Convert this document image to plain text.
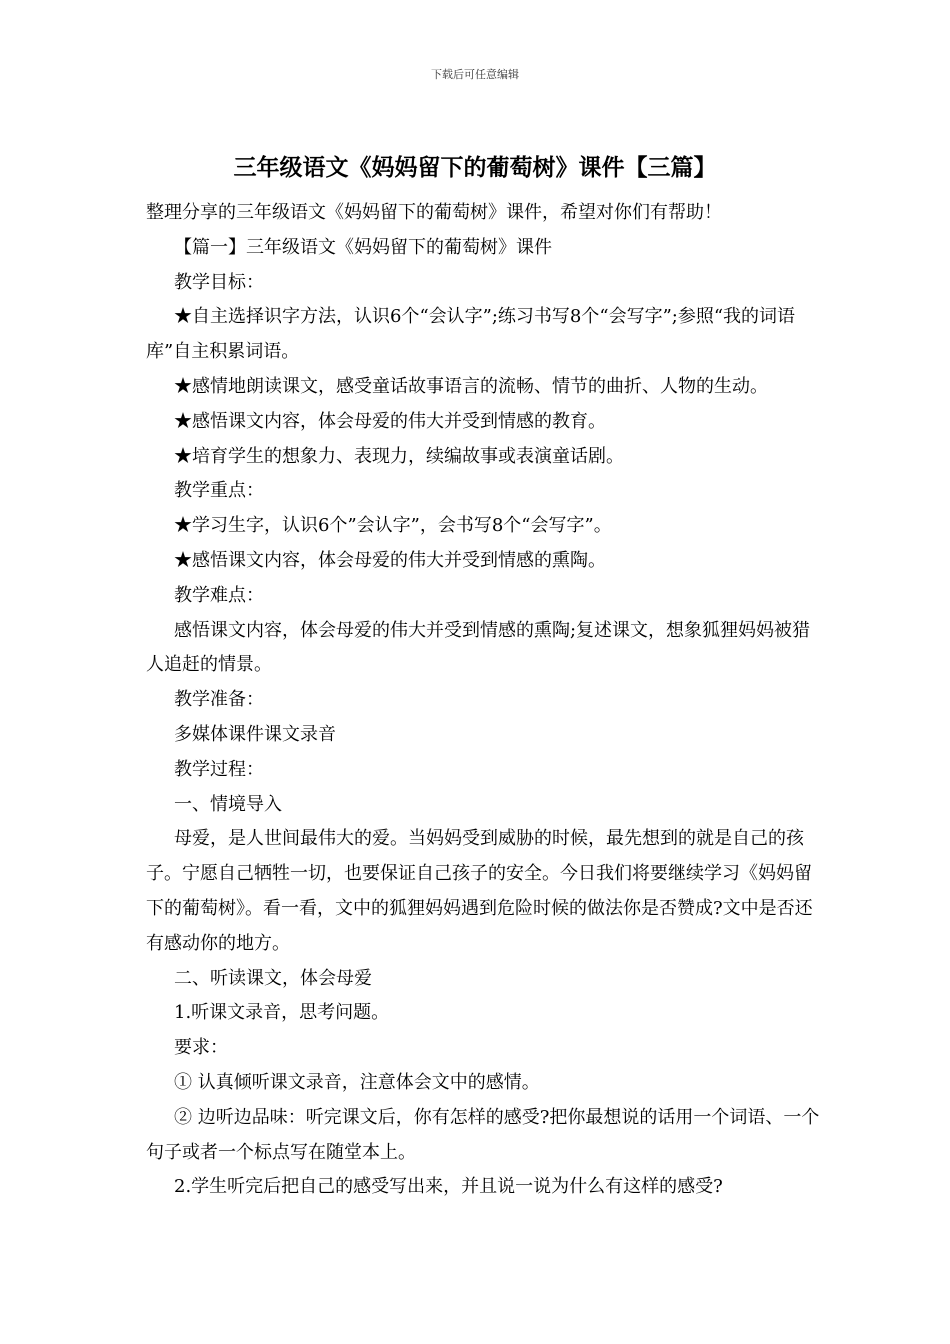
下载后可任意编辑
三年级语文《妈妈留下的葡萄树》课件【三篇】

整理分享的三年级语文《妈妈留下的葡萄树》课件，希望对你们有帮助！

【篇一】三年级语文《妈妈留下的葡萄树》课件

教学目标：

★自主选择识字方法，认识6个“会认字”;练习书写8个“会写字”;参照“我的词语库”自主积累词语。

★感情地朗读课文，感受童话故事语言的流畅、情节的曲折、人物的生动。

★感悟课文内容，体会母爱的伟大并受到情感的教育。

★培育学生的想象力、表现力，续编故事或表演童话剧。

教学重点：

★学习生字，认识6个”会认字”，会书写8个“会写字”。

★感悟课文内容，体会母爱的伟大并受到情感的熏陶。

教学难点：

感悟课文内容，体会母爱的伟大并受到情感的熏陶;复述课文，想象狐狸妈妈被猎人追赶的情景。

教学准备：

多媒体课件课文录音

教学过程：

一、情境导入

母爱，是人世间最伟大的爱。当妈妈受到威胁的时候，最先想到的就是自己的孩子。宁愿自己牺牲一切，也要保证自己孩子的安全。今日我们将要继续学习《妈妈留下的葡萄树》。看一看，文中的狐狸妈妈遇到危险时候的做法你是否赞成?文中是否还有感动你的地方。

二、听读课文，体会母爱

1.听课文录音，思考问题。

要求：

① 认真倾听课文录音，注意体会文中的感情。

② 边听边品味：听完课文后，你有怎样的感受?把你最想说的话用一个词语、一个句子或者一个标点写在随堂本上。

2.学生听完后把自己的感受写出来，并且说一说为什么有这样的感受?
